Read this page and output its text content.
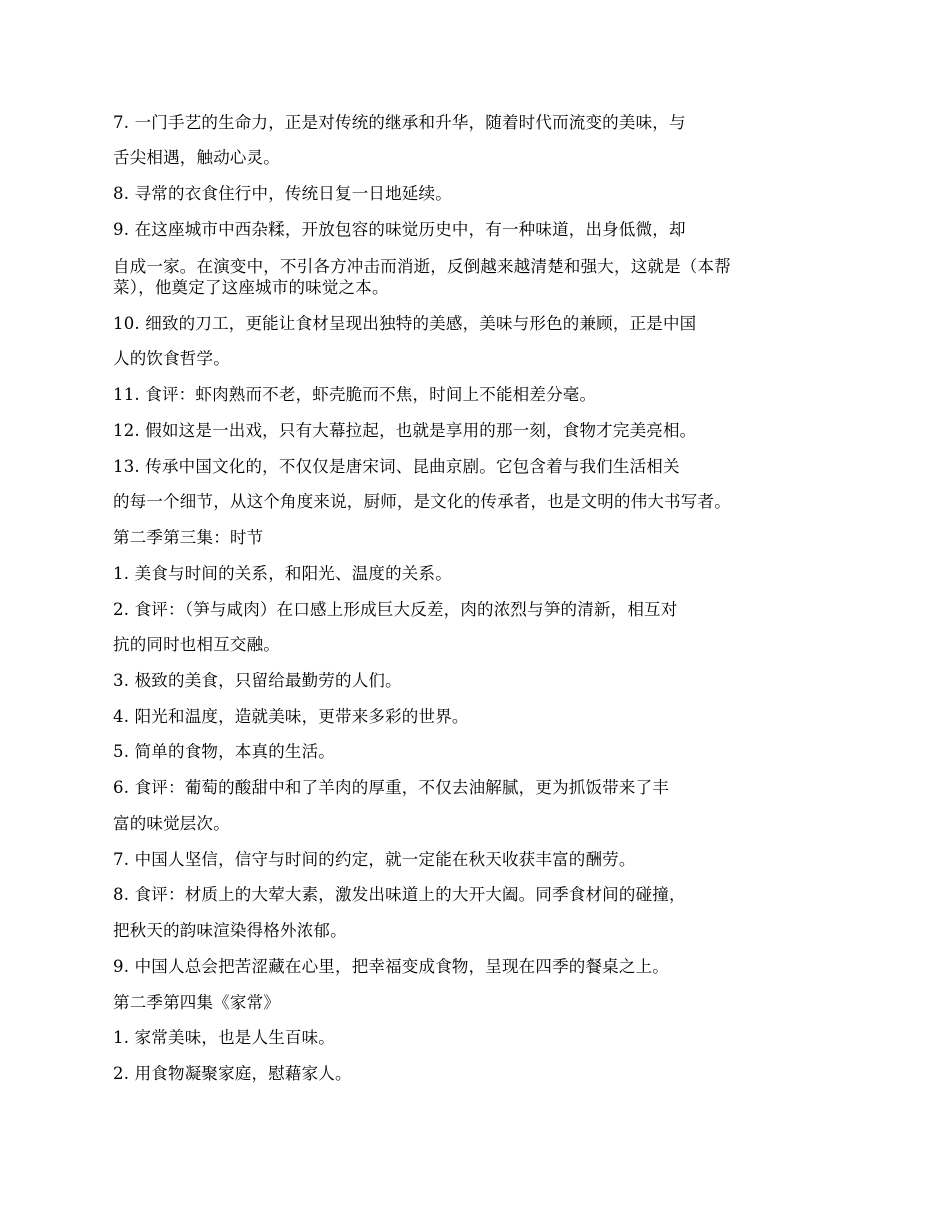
7. 一门手艺的生命力，正是对传统的继承和升华，随着时代而流变的美味，与
舌尖相遇，触动心灵。
8. 寻常的衣食住行中，传统日复一日地延续。
9. 在这座城市中西杂糅，开放包容的味觉历史中，有一种味道，出身低微，却
自成一家。在演变中，不引各方冲击而消逝，反倒越来越清楚和强大，这就是（本帮
菜），他奠定了这座城市的味觉之本。
10. 细致的刀工，更能让食材呈现出独特的美感，美味与形色的兼顾，正是中国
人的饮食哲学。
11. 食评：虾肉熟而不老，虾壳脆而不焦，时间上不能相差分毫。
12. 假如这是一出戏，只有大幕拉起，也就是享用的那一刻，食物才完美亮相。
13. 传承中国文化的，不仅仅是唐宋词、昆曲京剧。它包含着与我们生活相关
的每一个细节，从这个角度来说，厨师，是文化的传承者，也是文明的伟大书写者。
第二季第三集：时节
1. 美食与时间的关系，和阳光、温度的关系。
2. 食评：（笋与咸肉）在口感上形成巨大反差，肉的浓烈与笋的清新，相互对
抗的同时也相互交融。
3. 极致的美食，只留给最勤劳的人们。
4. 阳光和温度，造就美味，更带来多彩的世界。
5. 简单的食物，本真的生活。
6. 食评：葡萄的酸甜中和了羊肉的厚重，不仅去油解腻，更为抓饭带来了丰
富的味觉层次。
7. 中国人坚信，信守与时间的约定，就一定能在秋天收获丰富的酬劳。
8. 食评：材质上的大荤大素，激发出味道上的大开大阖。同季食材间的碰撞，
把秋天的韵味渲染得格外浓郁。
9. 中国人总会把苦涩藏在心里，把幸福变成食物，呈现在四季的餐桌之上。
第二季第四集《家常》
1. 家常美味，也是人生百味。
2. 用食物凝聚家庭，慰藉家人。
